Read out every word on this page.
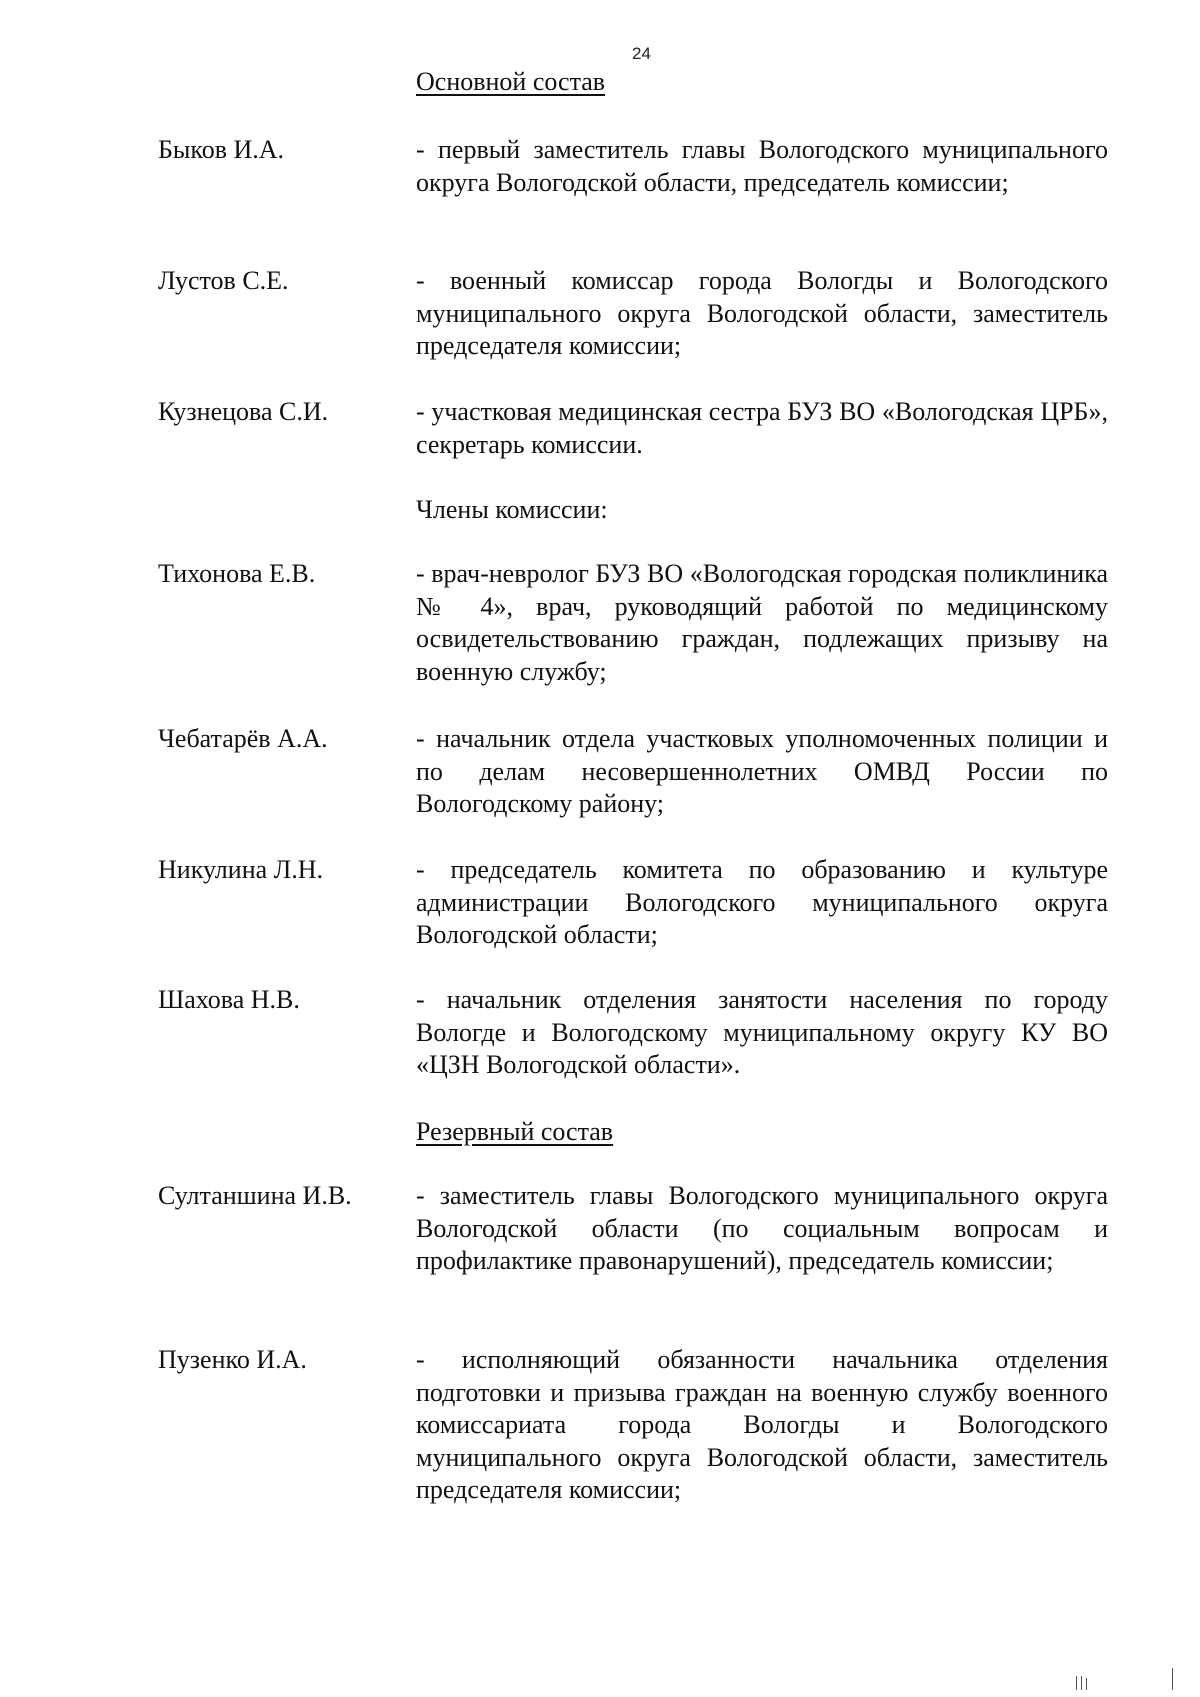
24
Основной состав
Быков И.А.	- первый заместитель главы Вологодского муниципального округа Вологодской области, председатель комиссии;
Лустов С.Е.	- военный комиссар города Вологды и Вологодского муниципального округа Вологодской области, заместитель председателя комиссии;
Кузнецова С.И.	- участковая медицинская сестра БУЗ ВО «Вологодская ЦРБ», секретарь комиссии.
Члены комиссии:
Тихонова Е.В.	- врач-невролог БУЗ ВО «Вологодская городская поликлиника № 4», врач, руководящий работой по медицинскому освидетельствованию граждан, подлежащих призыву на военную службу;
Чебатарёв А.А.	- начальник отдела участковых уполномоченных полиции и по делам несовершеннолетних ОМВД России по Вологодскому району;
Никулина Л.Н.	- председатель комитета по образованию и культуре администрации Вологодского муниципального округа Вологодской области;
Шахова Н.В.	- начальник отделения занятости населения по городу Вологде и Вологодскому муниципальному округу КУ ВО «ЦЗН Вологодской области».
Резервный состав
Султаншина И.В. - заместитель главы Вологодского муниципального округа Вологодской области (по социальным вопросам и профилактике правонарушений), председатель комиссии;
Пузенко И.А.	- исполняющий обязанности начальника отделения подготовки и призыва граждан на военную службу военного комиссариата города Вологды и Вологодского муниципального округа Вологодской области, заместитель председателя комиссии;
